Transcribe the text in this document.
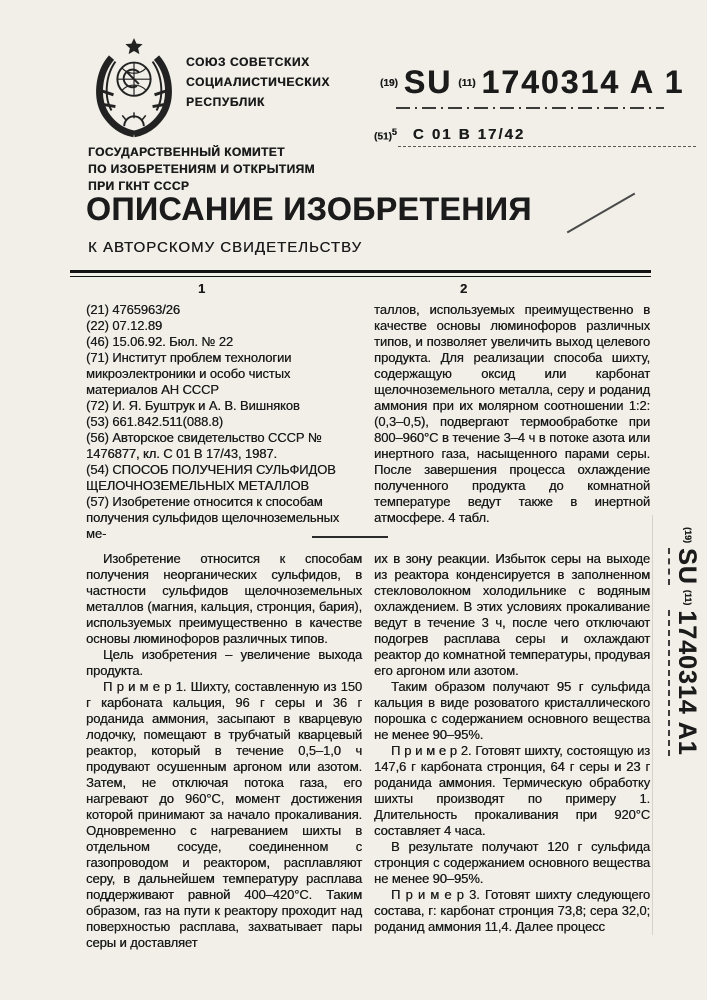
СОЮЗ СОВЕТСКИХ
СОЦИАЛИСТИЧЕСКИХ
РЕСПУБЛИК
(19) SU (11) 1740314 A 1
$(51)^5$ С 01 В 17/42
ГОСУДАРСТВЕННЫЙ КОМИТЕТ
ПО ИЗОБРЕТЕНИЯМ И ОТКРЫТИЯМ
ПРИ ГКНТ СССР
ОПИСАНИЕ ИЗОБРЕТЕНИЯ
К АВТОРСКОМУ СВИДЕТЕЛЬСТВУ
1	2

(21) 4765963/26

(22) 07.12.89

(46) 15.06.92. Бюл. № 22

(71) Институт проблем технологии микроэлектроники и особо чистых материалов АН СССР

(72) И. Я. Буштрук и А. В. Вишняков

(53) 661.842.511(088.8)

(56) Авторское свидетельство СССР № 1476877, кл. С 01 В 17/43, 1987.

(54) СПОСОБ ПОЛУЧЕНИЯ СУЛЬФИДОВ ЩЕЛОЧНОЗЕМЕЛЬНЫХ МЕТАЛЛОВ

(57) Изобретение относится к способам получения сульфидов щелочноземельных ме-

таллов, используемых преимущественно в качестве основы люминофоров различных типов, и позволяет увеличить выход целевого продукта. Для реализации способа шихту, содержащую оксид или карбонат щелочноземельного металла, серу и роданид аммония при их молярном соотношении 1:2:(0,3–0,5), подвергают термообработке при 800–960°С в течение 3–4 ч в потоке азота или инертного газа, насыщенного парами серы. После завершения процесса охлаждение полученного продукта до комнатной температуре ведут также в инертной атмосфере. 4 табл.

Изобретение относится к способам получения неорганических сульфидов, в частности сульфидов щелочноземельных металлов (магния, кальция, стронция, бария), используемых преимущественно в качестве основы люминофоров различных типов.

Цель изобретения – увеличение выхода продукта.

П р и м е р 1. Шихту, составленную из 150 г карбоната кальция, 96 г серы и 36 г роданида аммония, засыпают в кварцевую лодочку, помещают в трубчатый кварцевый реактор, который в течение 0,5–1,0 ч продувают осушенным аргоном или азотом. Затем, не отключая потока газа, его нагревают до 960°С, момент достижения которой принимают за начало прокаливания. Одновременно с нагреванием шихты в отдельном сосуде, соединенном с газопроводом и реактором, расплавляют серу, в дальнейшем температуру расплава поддерживают равной 400–420°С. Таким образом, газ на пути к реактору проходит над поверхностью расплава, захватывает пары серы и доставляет

их в зону реакции. Избыток серы на выходе из реактора конденсируется в заполненном стекловолокном холодильнике с водяным охлаждением. В этих условиях прокаливание ведут в течение 3 ч, после чего отключают подогрев расплава серы и охлаждают реактор до комнатной температуры, продувая его аргоном или азотом.

Таким образом получают 95 г сульфида кальция в виде розоватого кристаллического порошка с содержанием основного вещества не менее 90–95%.

П р и м е р 2. Готовят шихту, состоящую из 147,6 г карбоната стронция, 64 г серы и 23 г роданида аммония. Термическую обработку шихты производят по примеру 1. Длительность прокаливания при 920°С составляет 4 часа.

В результате получают 120 г сульфида стронция с содержанием основного вещества не менее 90–95%.

П р и м е р 3. Готовят шихту следующего состава, г: карбонат стронция 73,8; сера 32,0; роданид аммония 11,4. Далее процесс

(19)
SU
(11)
1740314 A1
